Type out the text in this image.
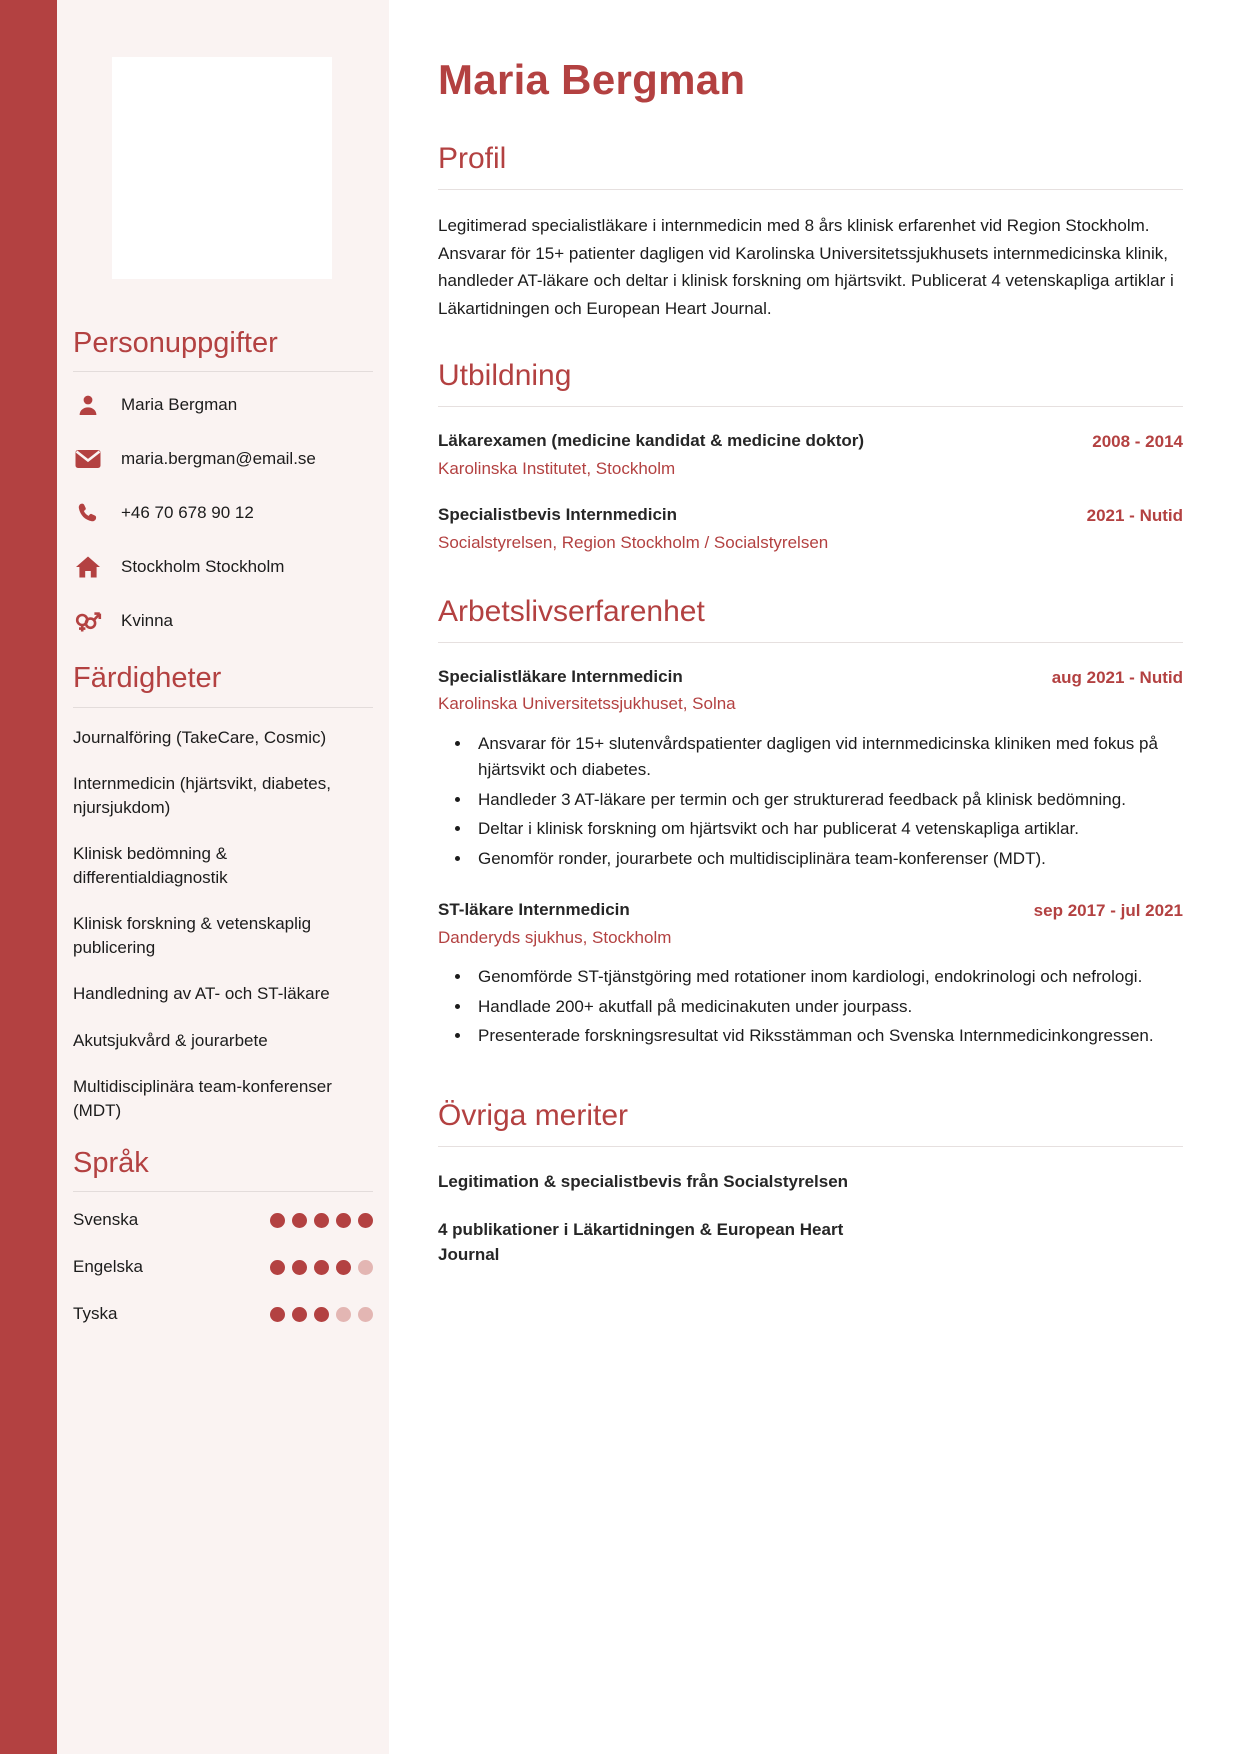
Personuppgifter
Maria Bergman
maria.bergman@email.se
+46 70 678 90 12
Stockholm Stockholm
Kvinna
Färdigheter
Journalföring (TakeCare, Cosmic)
Internmedicin (hjärtsvikt, diabetes, njursjukdom)
Klinisk bedömning & differentialdiagnostik
Klinisk forskning & vetenskaplig publicering
Handledning av AT- och ST-läkare
Akutsjukvård & jourarbete
Multidisciplinära team-konferenser (MDT)
Språk
Svenska
Engelska
Tyska
Maria Bergman
Profil

Legitimerad specialistläkare i internmedicin med 8 års klinisk erfarenhet vid Region Stockholm. Ansvarar för 15+ patienter dagligen vid Karolinska Universitetssjukhusets internmedicinska klinik, handleder AT-läkare och deltar i klinisk forskning om hjärtsvikt. Publicerat 4 vetenskapliga artiklar i Läkartidningen och European Heart Journal.

Utbildning
Läkarexamen (medicine kandidat & medicine doktor)	2008 - 2014
Karolinska Institutet, Stockholm
Specialistbevis Internmedicin	2021 - Nutid
Socialstyrelsen, Region Stockholm / Socialstyrelsen
Arbetslivserfarenhet
Specialistläkare Internmedicin	aug 2021 - Nutid
Karolinska Universitetssjukhuset, Solna
• Ansvarar för 15+ slutenvårdspatienter dagligen vid internmedicinska kliniken med fokus på hjärtsvikt och diabetes.
• Handleder 3 AT-läkare per termin och ger strukturerad feedback på klinisk bedömning.
• Deltar i klinisk forskning om hjärtsvikt och har publicerat 4 vetenskapliga artiklar.
• Genomför ronder, jourarbete och multidisciplinära team-konferenser (MDT).
ST-läkare Internmedicin	sep 2017 - jul 2021
Danderyds sjukhus, Stockholm
• Genomförde ST-tjänstgöring med rotationer inom kardiologi, endokrinologi och nefrologi.
• Handlade 200+ akutfall på medicinakuten under jourpass.
• Presenterade forskningsresultat vid Riksstämman och Svenska Internmedicinkongressen.
Övriga meriter
Legitimation & specialistbevis från Socialstyrelsen
4 publikationer i Läkartidningen & European Heart Journal
